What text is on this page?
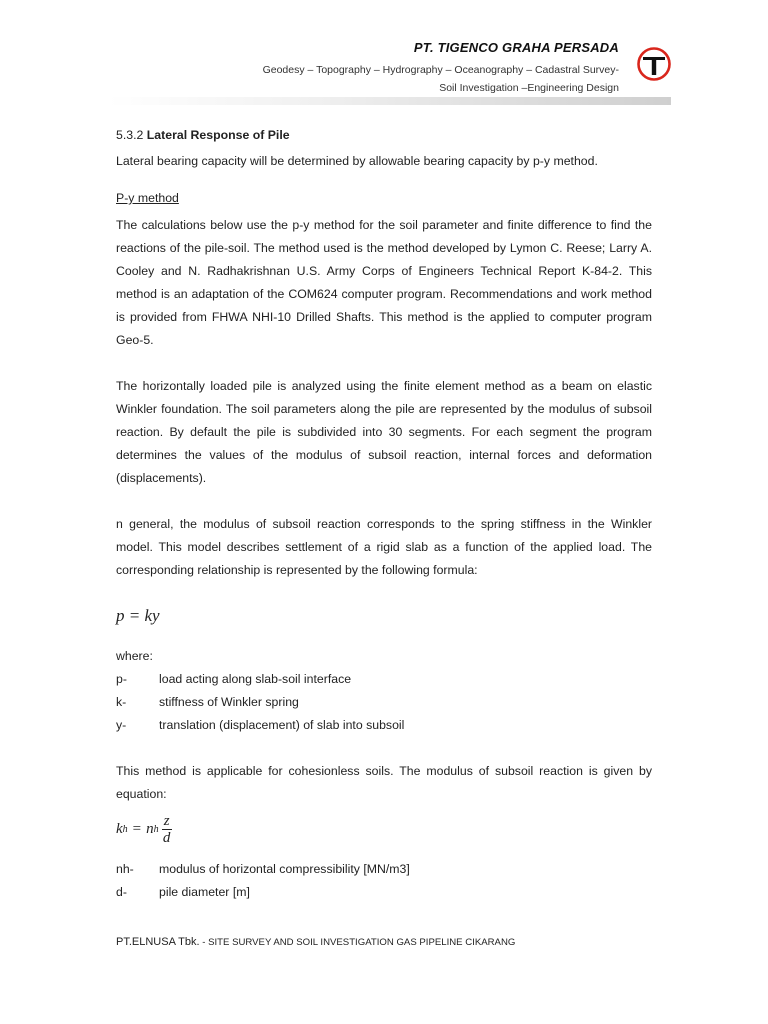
PT. TIGENCO GRAHA PERSADA
Geodesy – Topography – Hydrography – Oceanography – Cadastral Survey-
Soil Investigation –Engineering Design

5.3.2 Lateral Response of Pile

Lateral bearing capacity will be determined by allowable bearing capacity by p-y method.

P-y method

The calculations below use the p-y method for the soil parameter and finite difference to find the reactions of the pile-soil. The method used is the method developed by Lymon C. Reese; Larry A. Cooley and N. Radhakrishnan U.S. Army Corps of Engineers Technical Report K-84-2. This method is an adaptation of the COM624 computer program. Recommendations and work method is provided from FHWA NHI-10 Drilled Shafts. This method is the applied to computer program Geo-5.

The horizontally loaded pile is analyzed using the finite element method as a beam on elastic Winkler foundation. The soil parameters along the pile are represented by the modulus of subsoil reaction. By default the pile is subdivided into 30 segments. For each segment the program determines the values of the modulus of subsoil reaction, internal forces and deformation (displacements).

n general, the modulus of subsoil reaction corresponds to the spring stiffness in the Winkler model. This model describes settlement of a rigid slab as a function of the applied load. The corresponding relationship is represented by the following formula:

p = ky

where:

p-	load acting along slab-soil interface
k-	stiffness of Winkler spring
y-	translation (displacement) of slab into subsoil

This method is applicable for cohesionless soils. The modulus of subsoil reaction is given by equation:

k h = n h $\frac{z}{d}$
nh-	modulus of horizontal compressibility [MN/m3]
d-	pile diameter [m]
PT.ELNUSA Tbk. - SITE SURVEY AND SOIL INVESTIGATION GAS PIPELINE CIKARANG
